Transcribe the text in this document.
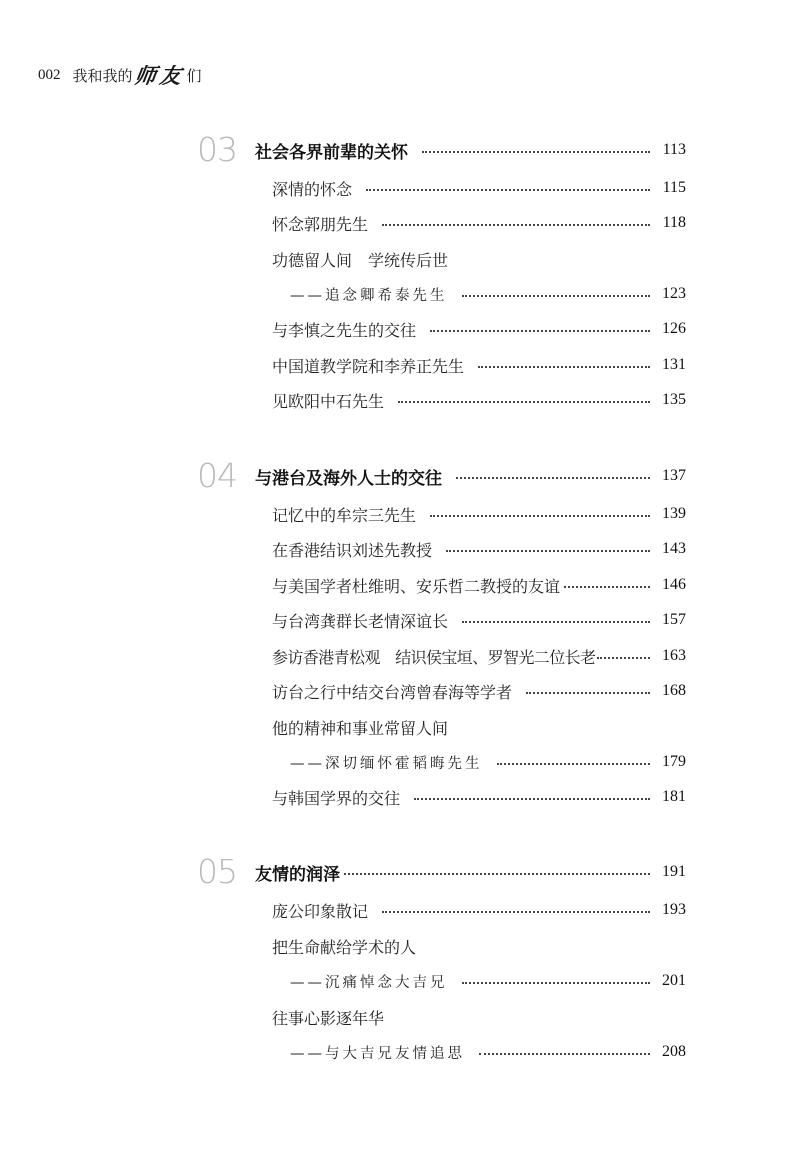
002 我和我的 师 友 们
03	社会各界前辈的关怀	113
深情的怀念	115
怀念郭朋先生	118
功德留人间　学统传后世
——追念卿希泰先生	123
与李慎之先生的交往	126
中国道教学院和李养正先生	131
见欧阳中石先生	135
04	与港台及海外人士的交往	137
记忆中的牟宗三先生	139
在香港结识刘述先教授	143
与美国学者杜维明、安乐哲二教授的友谊	146
与台湾龚群长老情深谊长	157
参访香港青松观　结识侯宝垣、罗智光二位长老	163
访台之行中结交台湾曾春海等学者	168
他的精神和事业常留人间
——深切缅怀霍韬晦先生	179
与韩国学界的交往	181
05	友情的润泽	191
庞公印象散记	193
把生命献给学术的人
——沉痛悼念大吉兄	201
往事心影逐年华
——与大吉兄友情追思	208
